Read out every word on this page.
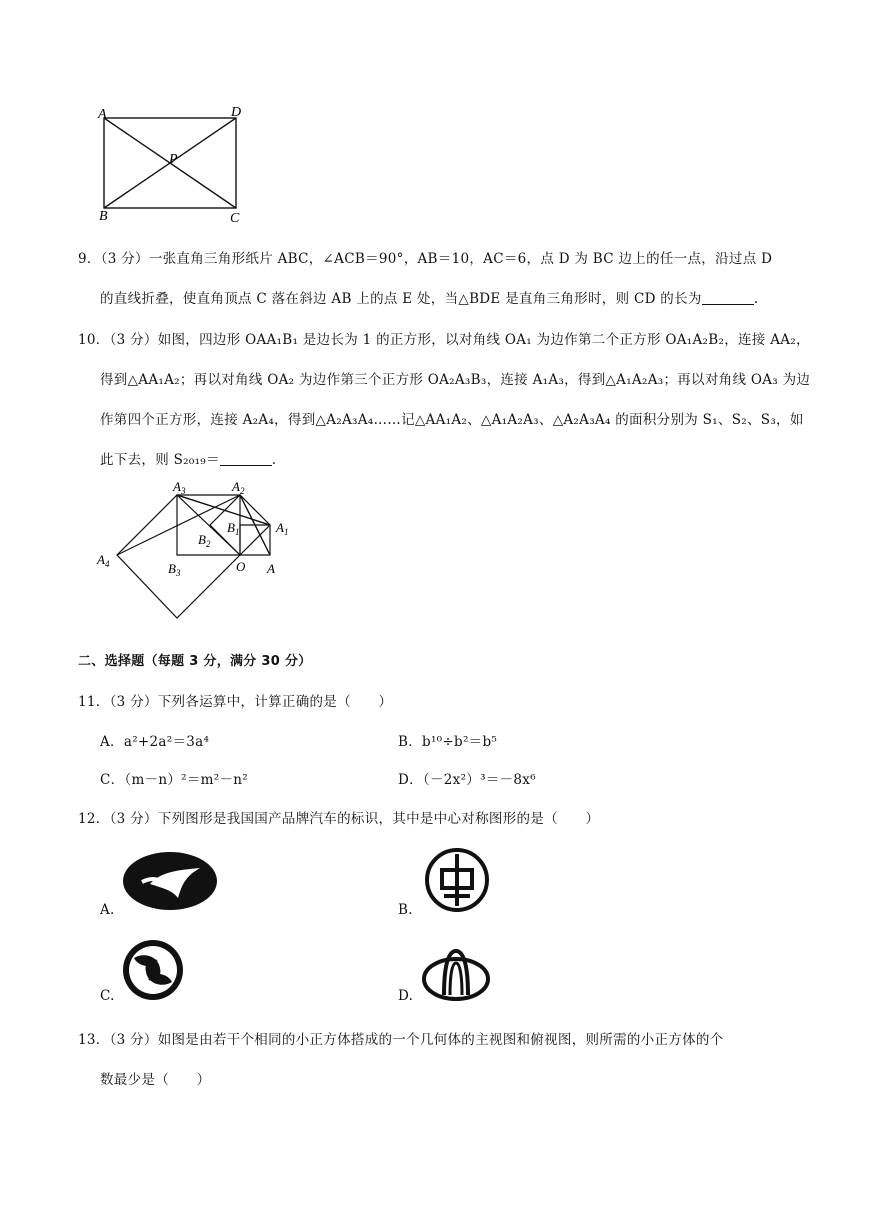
A	D
P
B	C
9．（3 分）一张直角三角形纸片 ABC，∠ACB＝90°，AB＝10，AC＝6，点 D 为 BC 边上的任一点，沿过点 D
的直线折叠，使直角顶点 C 落在斜边 AB 上的点 E 处，当△BDE 是直角三角形时，则 CD 的长为	.
10．（3 分）如图，四边形 OAA₁B₁ 是边长为 1 的正方形，以对角线 OA₁ 为边作第二个正方形 OA₁A₂B₂，连接 AA₂，
得到△AA₁A₂；再以对角线 OA₂ 为边作第三个正方形 OA₂A₃B₃，连接 A₁A₃，得到△A₁A₂A₃；再以对角线 OA₃ 为边
作第四个正方形，连接 A₂A₄，得到△A₂A₃A₄……记△AA₁A₂、△A₁A₂A₃、△A₂A₃A₄ 的面积分别为 S₁、S₂、S₃，如
此下去，则 S₂₀₁₉＝	.
$A_3$	$A_2$
$B_1$	$A_1$
$B_2$
$A_4$	$B_3$	O A
二、选择题（每题 3 分，满分 30 分）
11．（3 分）下列各运算中，计算正确的是（　　）
A．a²+2a²＝3a⁴	B．b¹⁰÷b²＝b⁵
C．（m－n）²＝m²－n²	D．（－2x²）³＝－8x⁶
12．（3 分）下列图形是我国国产品牌汽车的标识，其中是中心对称图形的是（　　）
A.	B.
C.	D.
13．（3 分）如图是由若干个相同的小正方体搭成的一个几何体的主视图和俯视图，则所需的小正方体的个
数最少是（　　）
